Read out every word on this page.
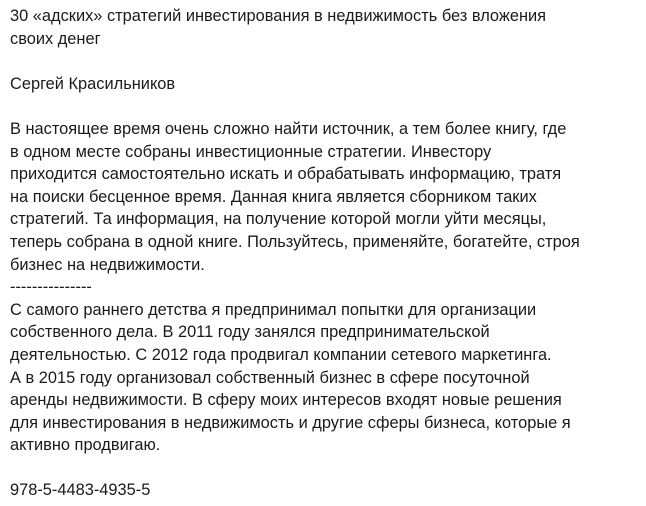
30 «адских» стратегий инвестирования в недвижимость без вложения
своих денег

Сергей Красильников

В настоящее время очень сложно найти источник, а тем более книгу, где
в одном месте собраны инвестиционные стратегии. Инвестору
приходится самостоятельно искать и обрабатывать информацию, тратя
на поиски бесценное время. Данная книга является сборником таких
стратегий. Та информация, на получение которой могли уйти месяцы,
теперь собрана в одной книге. Пользуйтесь, применяйте, богатейте, строя
бизнес на недвижимости.

---------------

С самого раннего детства я предпринимал попытки для организации
собственного дела. В 2011 году занялся предпринимательской
деятельностью. С 2012 года продвигал компании сетевого маркетинга.
А в 2015 году организовал собственный бизнес в сфере посуточной
аренды недвижимости. В сферу моих интересов входят новые решения
для инвестирования в недвижимость и другие сферы бизнеса, которые я
активно продвигаю.

978-5-4483-4935-5
